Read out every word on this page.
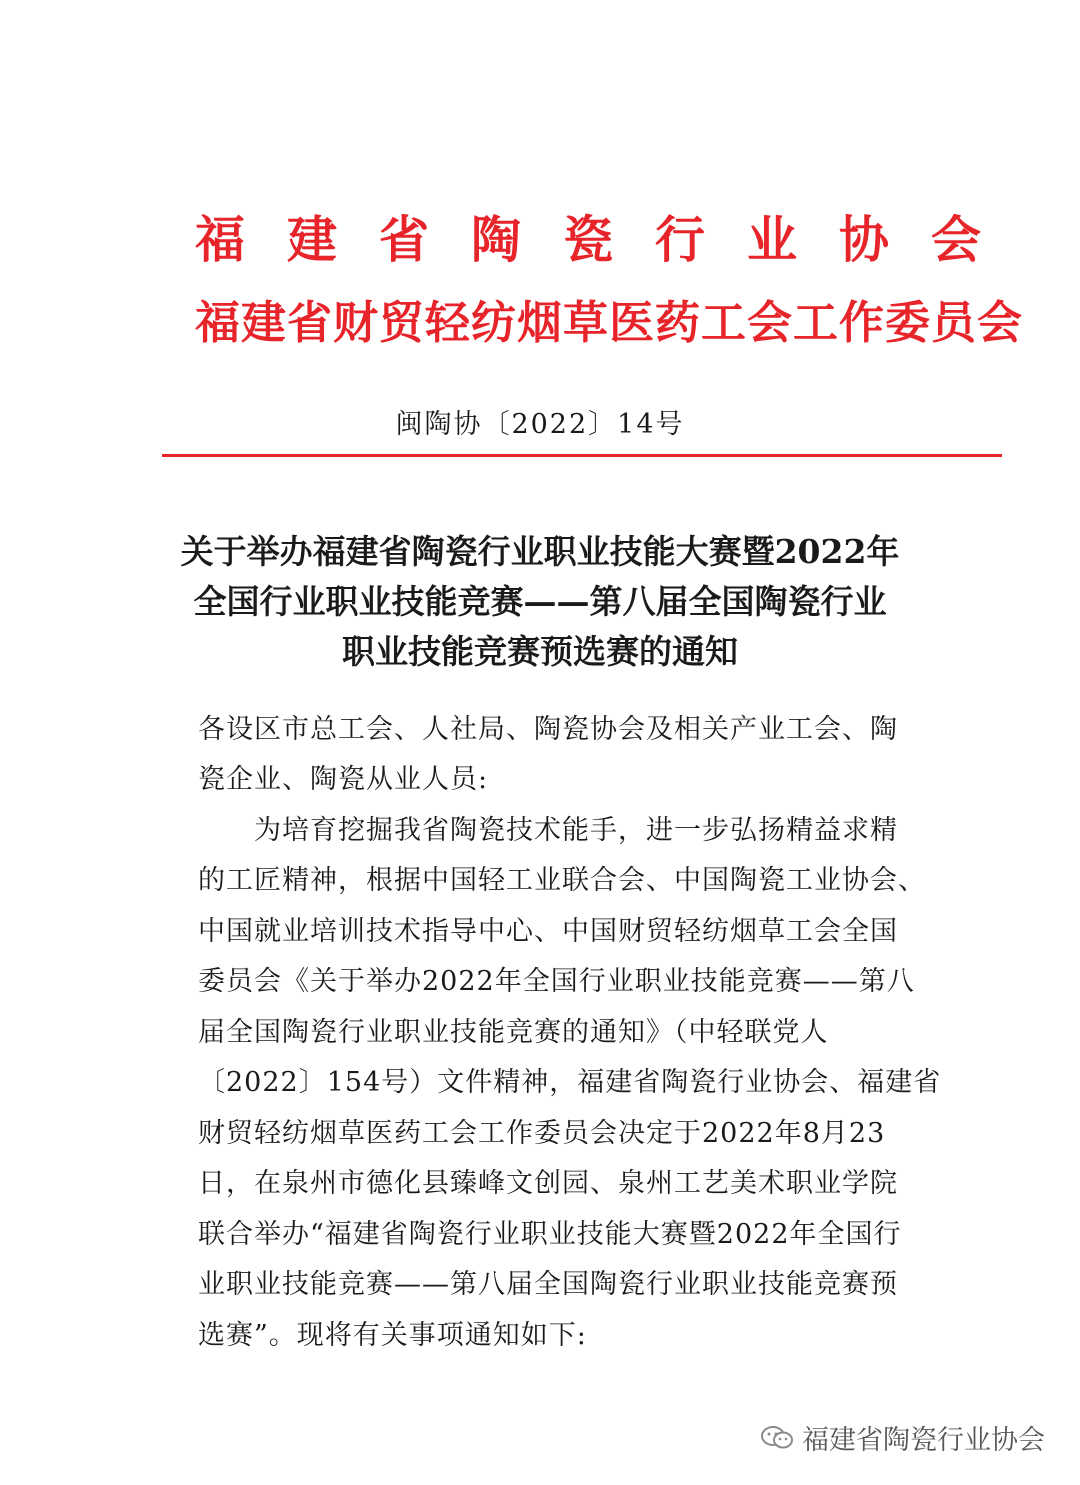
福建省陶瓷行业协会
福建省财贸轻纺烟草医药工会工作委员会
闽陶协〔2022〕14号
关于举办福建省陶瓷行业职业技能大赛暨2022年
全国行业职业技能竞赛——第八届全国陶瓷行业
职业技能竞赛预选赛的通知
各设区市总工会、人社局、陶瓷协会及相关产业工会、陶
瓷企业、陶瓷从业人员:
　　为培育挖掘我省陶瓷技术能手，进一步弘扬精益求精
的工匠精神，根据中国轻工业联合会、中国陶瓷工业协会、
中国就业培训技术指导中心、中国财贸轻纺烟草工会全国
委员会《关于举办2022年全国行业职业技能竞赛——第八
届全国陶瓷行业职业技能竞赛的通知》（中轻联党人
〔2022〕154号）文件精神，福建省陶瓷行业协会、福建省
财贸轻纺烟草医药工会工作委员会决定于2022年8月23
日，在泉州市德化县臻峰文创园、泉州工艺美术职业学院
联合举办“福建省陶瓷行业职业技能大赛暨2022年全国行
业职业技能竞赛——第八届全国陶瓷行业职业技能竞赛预
选赛”。现将有关事项通知如下:
福建省陶瓷行业协会
